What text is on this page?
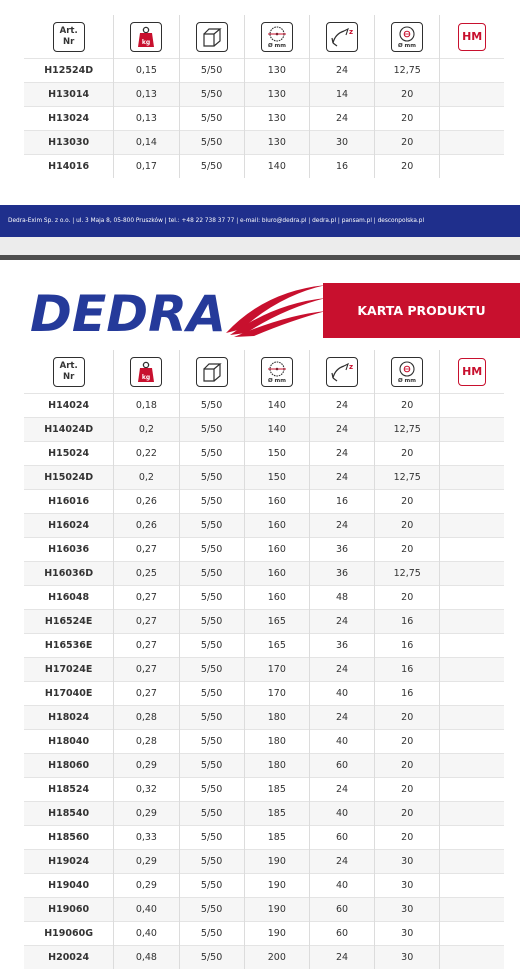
Art.
Nr	kg		Ø mm	z	Ø mm	HM

H12524D	0,15	5/50	130	24	12,75	
H13014	0,13	5/50	130	14	20	
H13024	0,13	5/50	130	24	20	
H13030	0,14	5/50	130	30	20	
H14016	0,17	5/50	140	16	20	
Dedra-Exim Sp. z o.o. | ul. 3 Maja 8, 05-800 Pruszków | tel.: +48 22 738 37 77 | e-mail: biuro@dedra.pl | dedra.pl | pansam.pl | desconpolska.pl
DEDRA	KARTA PRODUKTU
Art.
Nr	kg		Ø mm	z	Ø mm	HM

H14024	0,18	5/50	140	24	20	
H14024D	0,2	5/50	140	24	12,75	
H15024	0,22	5/50	150	24	20	
H15024D	0,2	5/50	150	24	12,75	
H16016	0,26	5/50	160	16	20	
H16024	0,26	5/50	160	24	20	
H16036	0,27	5/50	160	36	20	
H16036D	0,25	5/50	160	36	12,75	
H16048	0,27	5/50	160	48	20	
H16524E	0,27	5/50	165	24	16	
H16536E	0,27	5/50	165	36	16	
H17024E	0,27	5/50	170	24	16	
H17040E	0,27	5/50	170	40	16	
H18024	0,28	5/50	180	24	20	
H18040	0,28	5/50	180	40	20	
H18060	0,29	5/50	180	60	20	
H18524	0,32	5/50	185	24	20	
H18540	0,29	5/50	185	40	20	
H18560	0,33	5/50	185	60	20	
H19024	0,29	5/50	190	24	30	
H19040	0,29	5/50	190	40	30	
H19060	0,40	5/50	190	60	30	
H19060G	0,40	5/50	190	60	30	
H20024	0,48	5/50	200	24	30	
